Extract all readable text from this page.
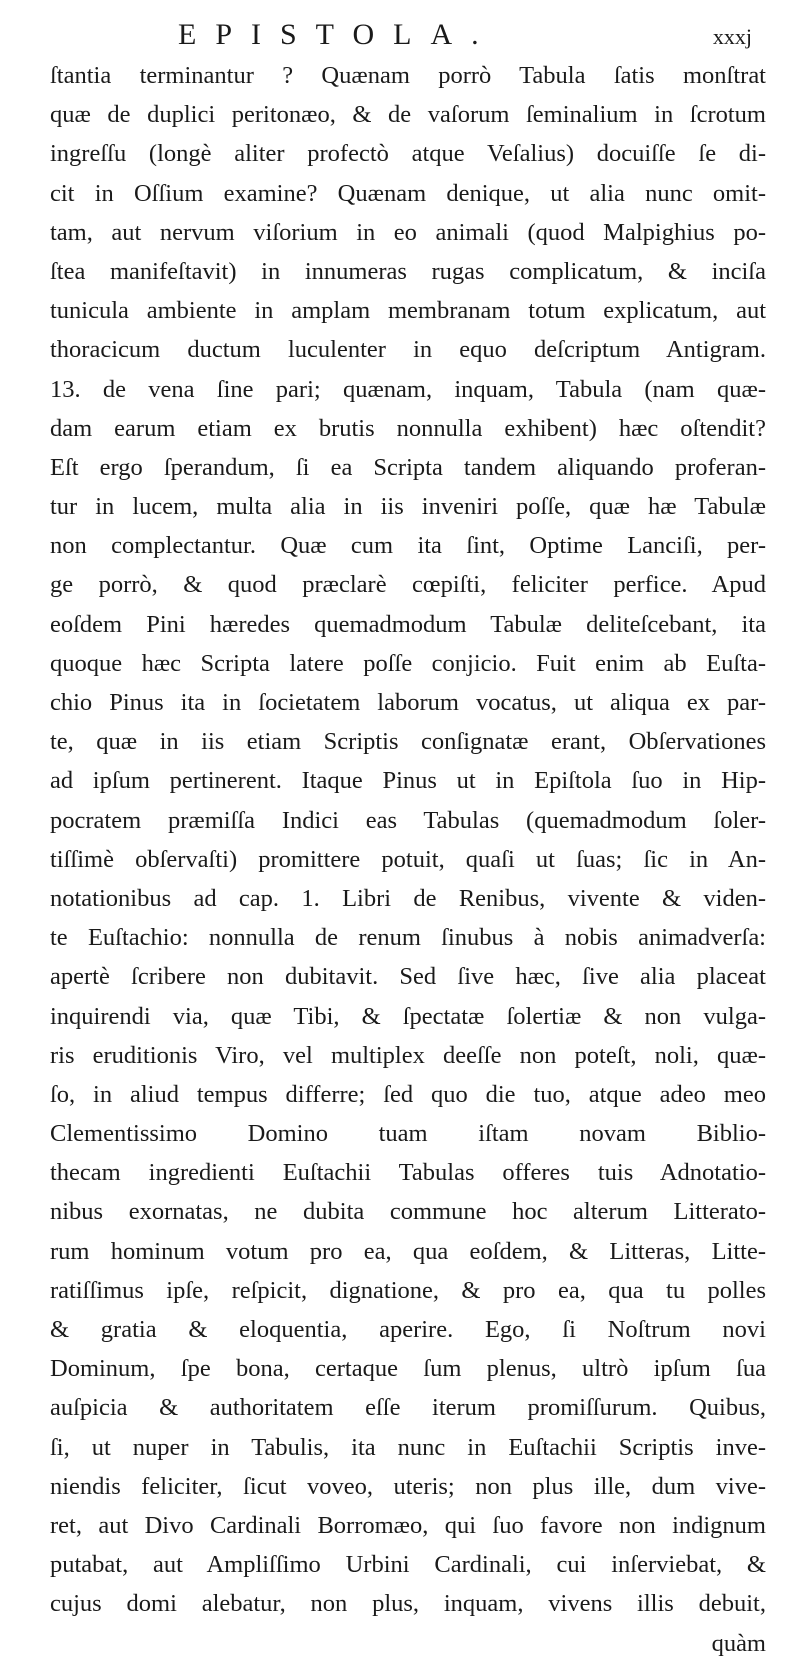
EPISTOLA.	xxxj
ſtantia terminantur ? Quænam porrò Tabula ſatis monſtrat
quæ de duplici peritonæo, & de vaſorum ſeminalium in ſcrotum
ingreſſu (longè aliter profectò atque Veſalius) docuiſſe ſe di-
cit in Oſſium examine? Quænam denique, ut alia nunc omit-
tam, aut nervum viſorium in eo animali (quod Malpighius po-
ſtea manifeſtavit) in innumeras rugas complicatum, & inciſa
tunicula ambiente in amplam membranam totum explicatum, aut
thoracicum ductum luculenter in equo deſcriptum Antigram.
13. de vena ſine pari; quænam, inquam, Tabula (nam quæ-
dam earum etiam ex brutis nonnulla exhibent) hæc oſtendit?
Eſt ergo ſperandum, ſi ea Scripta tandem aliquando proferan-
tur in lucem, multa alia in iis inveniri poſſe, quæ hæ Tabulæ
non complectantur. Quæ cum ita ſint, Optime Lanciſi, per-
ge porrò, & quod præclarè cœpiſti, feliciter perfice. Apud
eoſdem Pini hæredes quemadmodum Tabulæ deliteſcebant, ita
quoque hæc Scripta latere poſſe conjicio. Fuit enim ab Euſta-
chio Pinus ita in ſocietatem laborum vocatus, ut aliqua ex par-
te, quæ in iis etiam Scriptis conſignatæ erant, Obſervationes
ad ipſum pertinerent. Itaque Pinus ut in Epiſtola ſuo in Hip-
pocratem præmiſſa Indici eas Tabulas (quemadmodum ſoler-
tiſſimè obſervaſti) promittere potuit, quaſi ut ſuas; ſic in An-
notationibus ad cap. 1. Libri de Renibus, vivente & viden-
te Euſtachio: nonnulla de renum ſinubus à nobis animadverſa:
apertè ſcribere non dubitavit. Sed ſive hæc, ſive alia placeat
inquirendi via, quæ Tibi, & ſpectatæ ſolertiæ & non vulga-
ris eruditionis Viro, vel multiplex deeſſe non poteſt, noli, quæ-
ſo, in aliud tempus differre; ſed quo die tuo, atque adeo meo
Clementissimo Domino tuam iſtam novam Biblio-
thecam ingredienti Euſtachii Tabulas offeres tuis Adnotatio-
nibus exornatas, ne dubita commune hoc alterum Litterato-
rum hominum votum pro ea, qua eoſdem, & Litteras, Litte-
ratiſſimus ipſe, reſpicit, dignatione, & pro ea, qua tu polles
& gratia & eloquentia, aperire. Ego, ſi Noſtrum novi
Dominum, ſpe bona, certaque ſum plenus, ultrò ipſum ſua
auſpicia & authoritatem eſſe iterum promiſſurum. Quibus,
ſi, ut nuper in Tabulis, ita nunc in Euſtachii Scriptis inve-
niendis feliciter, ſicut voveo, uteris; non plus ille, dum vive-
ret, aut Divo Cardinali Borromæo, qui ſuo favore non indignum
putabat, aut Ampliſſimo Urbini Cardinali, cui inſerviebat, &
cujus domi alebatur, non plus, inquam, vivens illis debuit,
quàm
